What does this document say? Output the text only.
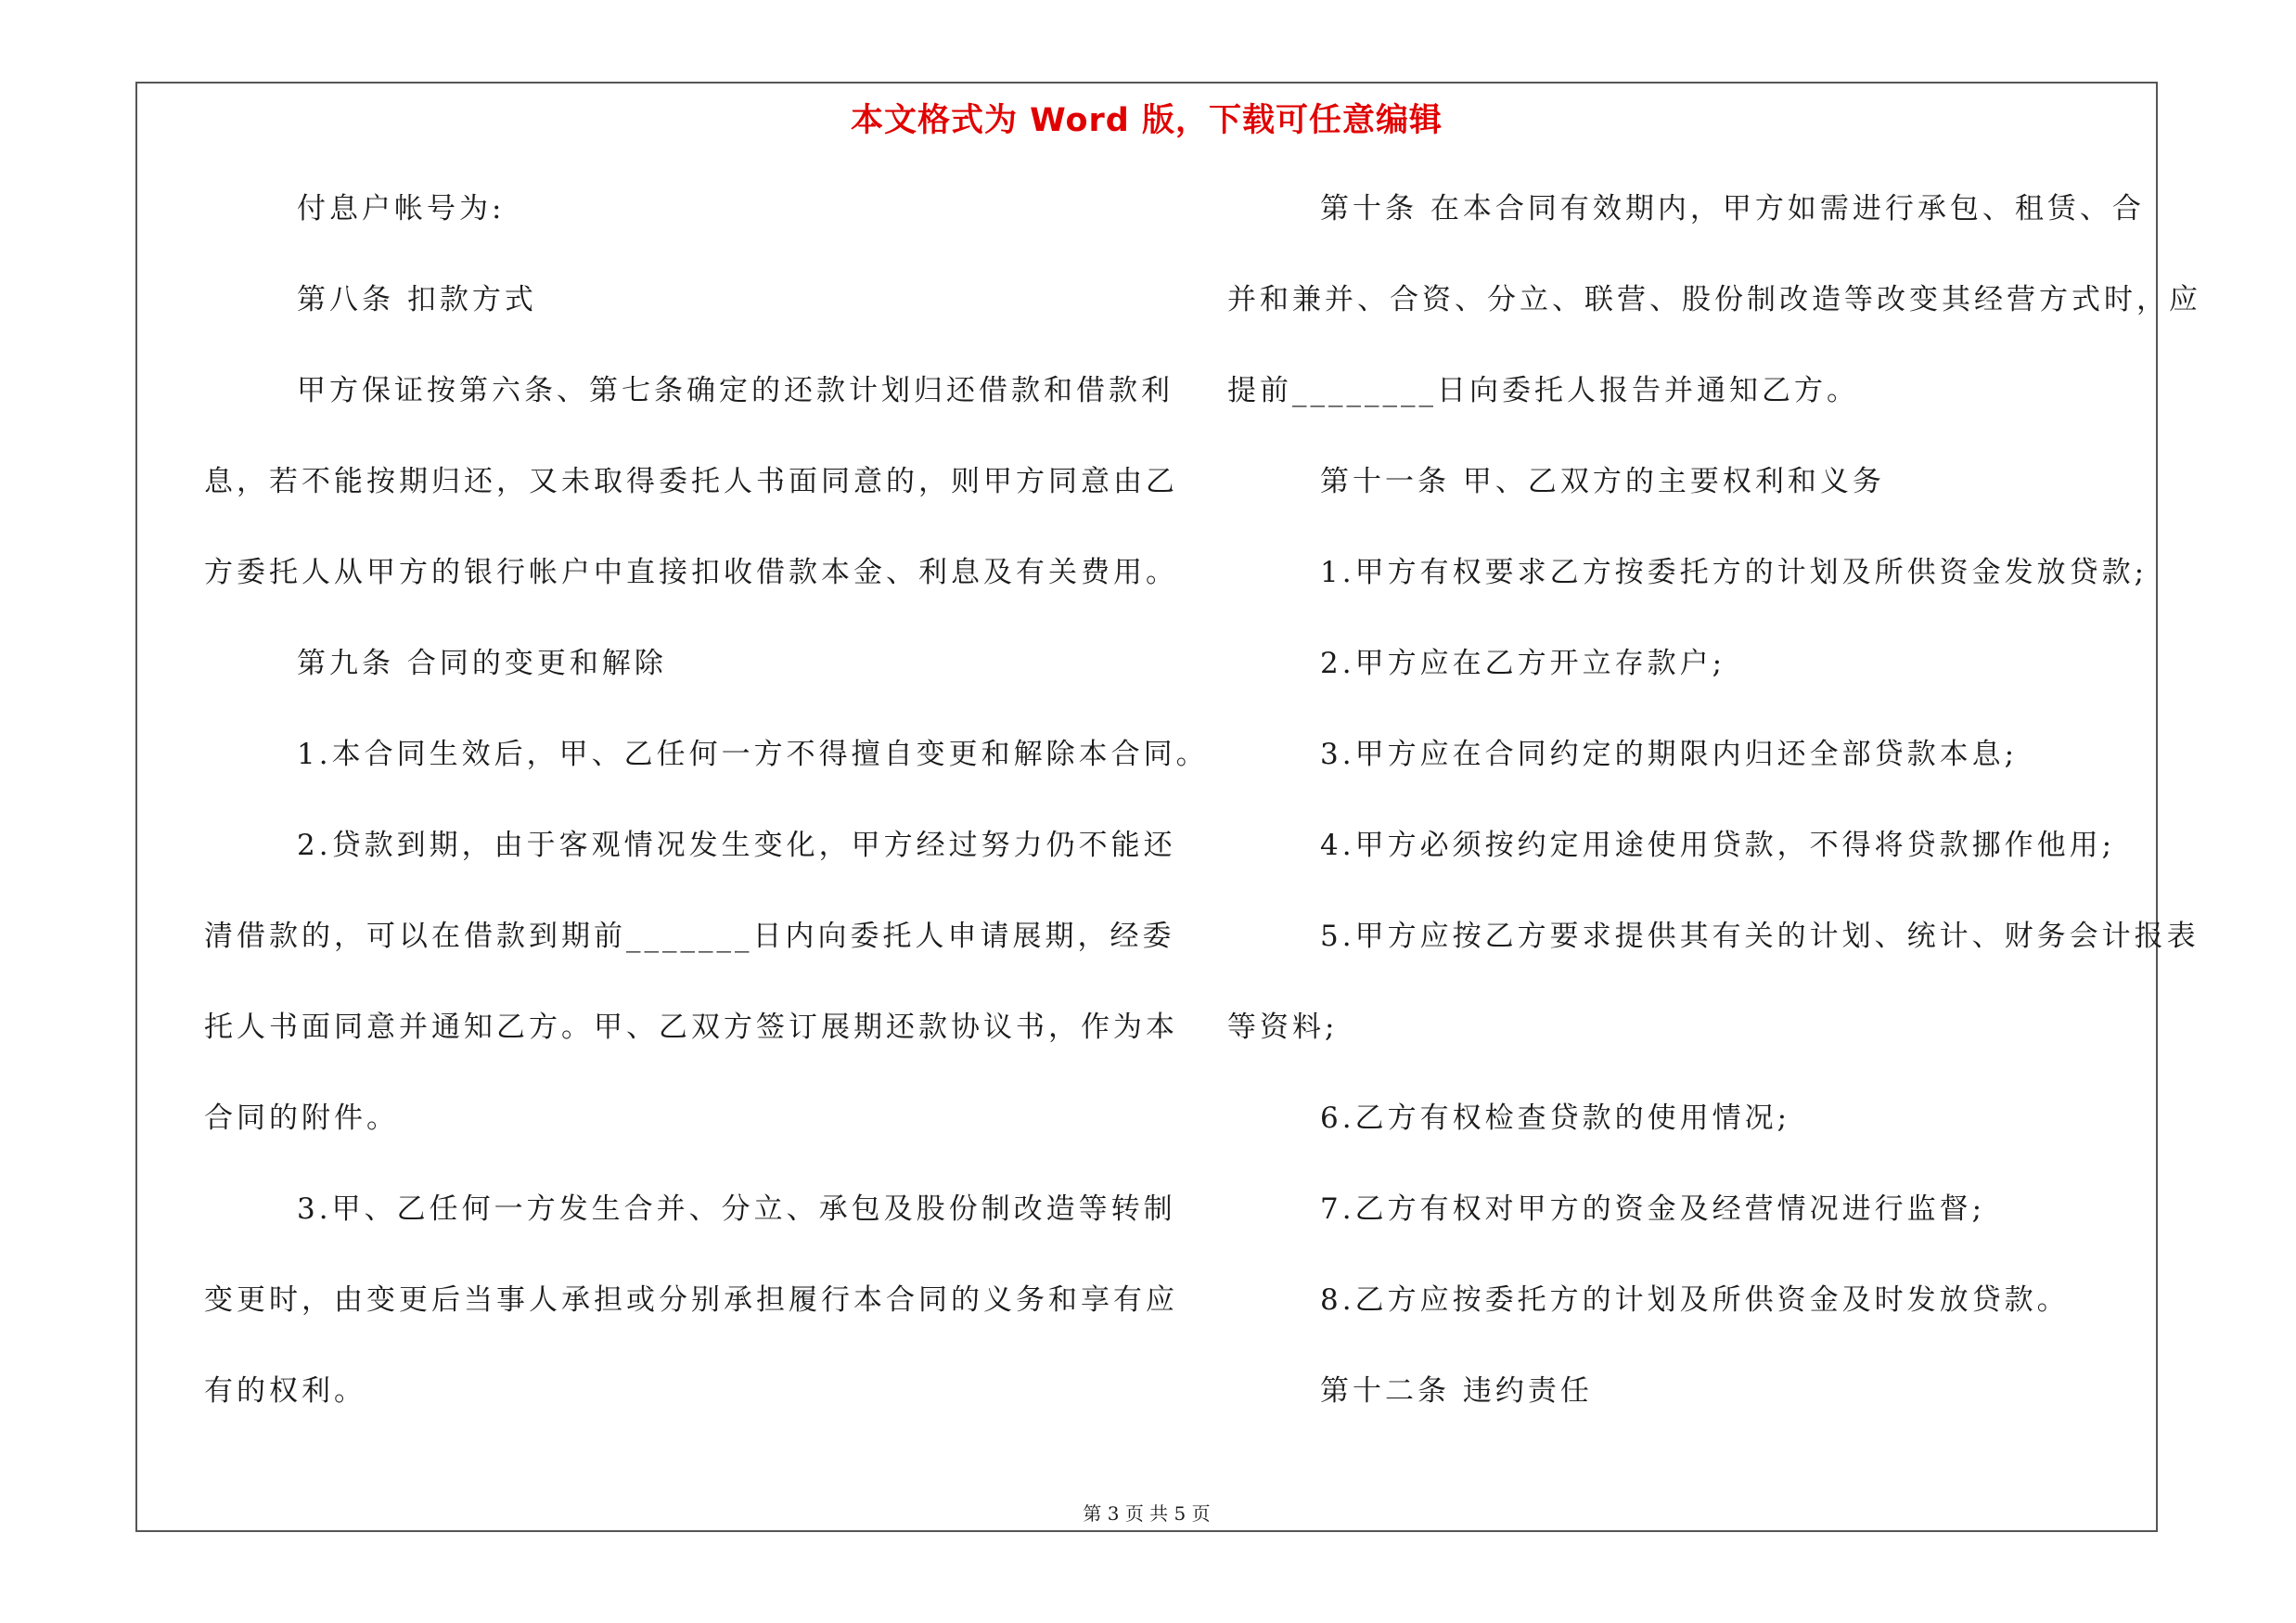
本文格式为 Word 版，下载可任意编辑
付息户帐号为:
第八条 扣款方式
甲方保证按第六条、第七条确定的还款计划归还借款和借款利
息，若不能按期归还，又未取得委托人书面同意的，则甲方同意由乙
方委托人从甲方的银行帐户中直接扣收借款本金、利息及有关费用。
第九条 合同的变更和解除
1.本合同生效后，甲、乙任何一方不得擅自变更和解除本合同。
2.贷款到期，由于客观情况发生变化，甲方经过努力仍不能还
清借款的，可以在借款到期前_______日内向委托人申请展期，经委
托人书面同意并通知乙方。甲、乙双方签订展期还款协议书，作为本
合同的附件。
3.甲、乙任何一方发生合并、分立、承包及股份制改造等转制
变更时，由变更后当事人承担或分别承担履行本合同的义务和享有应
有的权利。
第十条 在本合同有效期内，甲方如需进行承包、租赁、合
并和兼并、合资、分立、联营、股份制改造等改变其经营方式时，应
提前________日向委托人报告并通知乙方。
第十一条 甲、乙双方的主要权利和义务
1.甲方有权要求乙方按委托方的计划及所供资金发放贷款;
2.甲方应在乙方开立存款户;
3.甲方应在合同约定的期限内归还全部贷款本息;
4.甲方必须按约定用途使用贷款，不得将贷款挪作他用;
5.甲方应按乙方要求提供其有关的计划、统计、财务会计报表
等资料;
6.乙方有权检查贷款的使用情况;
7.乙方有权对甲方的资金及经营情况进行监督;
8.乙方应按委托方的计划及所供资金及时发放贷款。
第十二条 违约责任
第 3 页 共 5 页
